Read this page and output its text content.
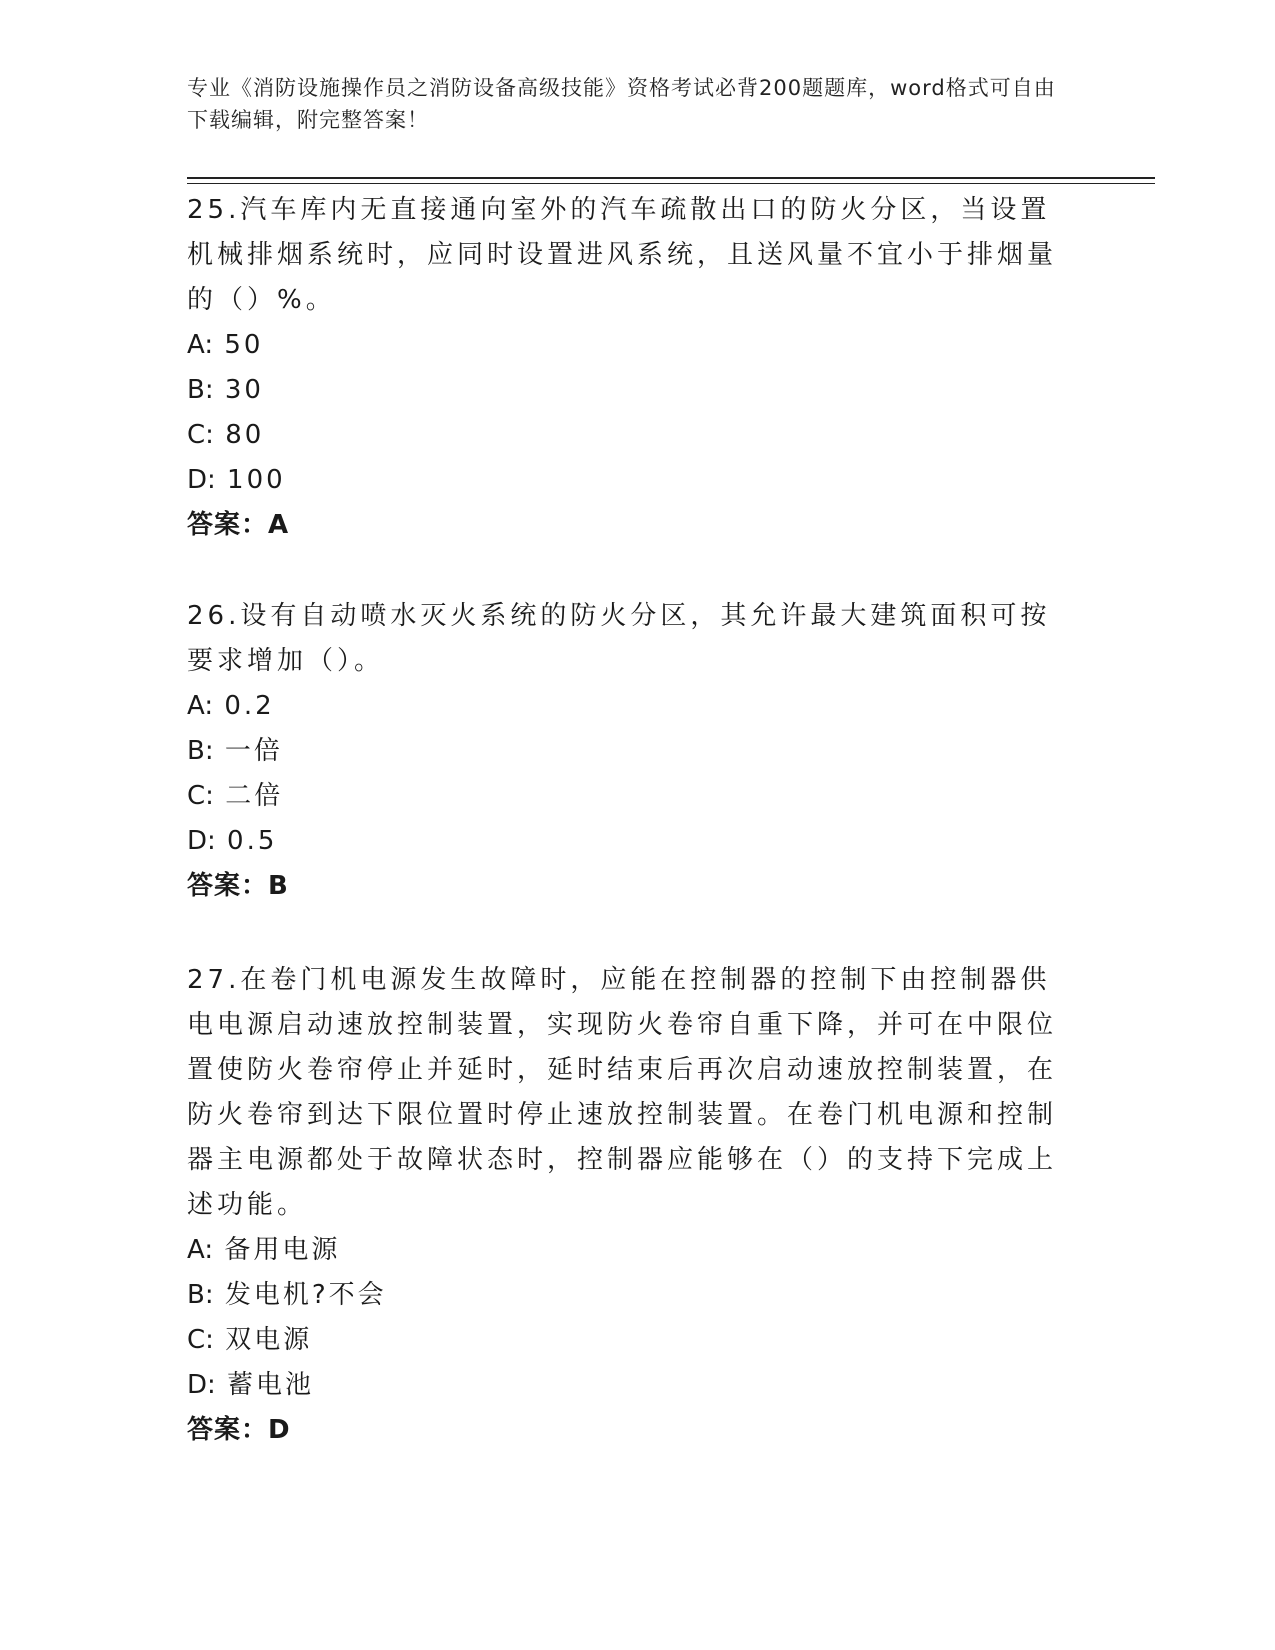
专业《消防设施操作员之消防设备高级技能》资格考试必背200题题库，word格式可自由下载编辑，附完整答案！

25.汽车库内无直接通向室外的汽车疏散出口的防火分区，当设置机械排烟系统时，应同时设置进风系统，且送风量不宜小于排烟量的（）%。

A: 50

B: 30

C: 80

D: 100

答案：A

26.设有自动喷水灭火系统的防火分区，其允许最大建筑面积可按要求增加（）。

A: 0.2

B: 一倍

C: 二倍

D: 0.5

答案：B

27.在卷门机电源发生故障时，应能在控制器的控制下由控制器供电电源启动速放控制装置，实现防火卷帘自重下降，并可在中限位置使防火卷帘停止并延时，延时结束后再次启动速放控制装置，在防火卷帘到达下限位置时停止速放控制装置。在卷门机电源和控制器主电源都处于故障状态时，控制器应能够在（）的支持下完成上述功能。

A: 备用电源

B: 发电机?不会

C: 双电源

D: 蓄电池

答案：D
